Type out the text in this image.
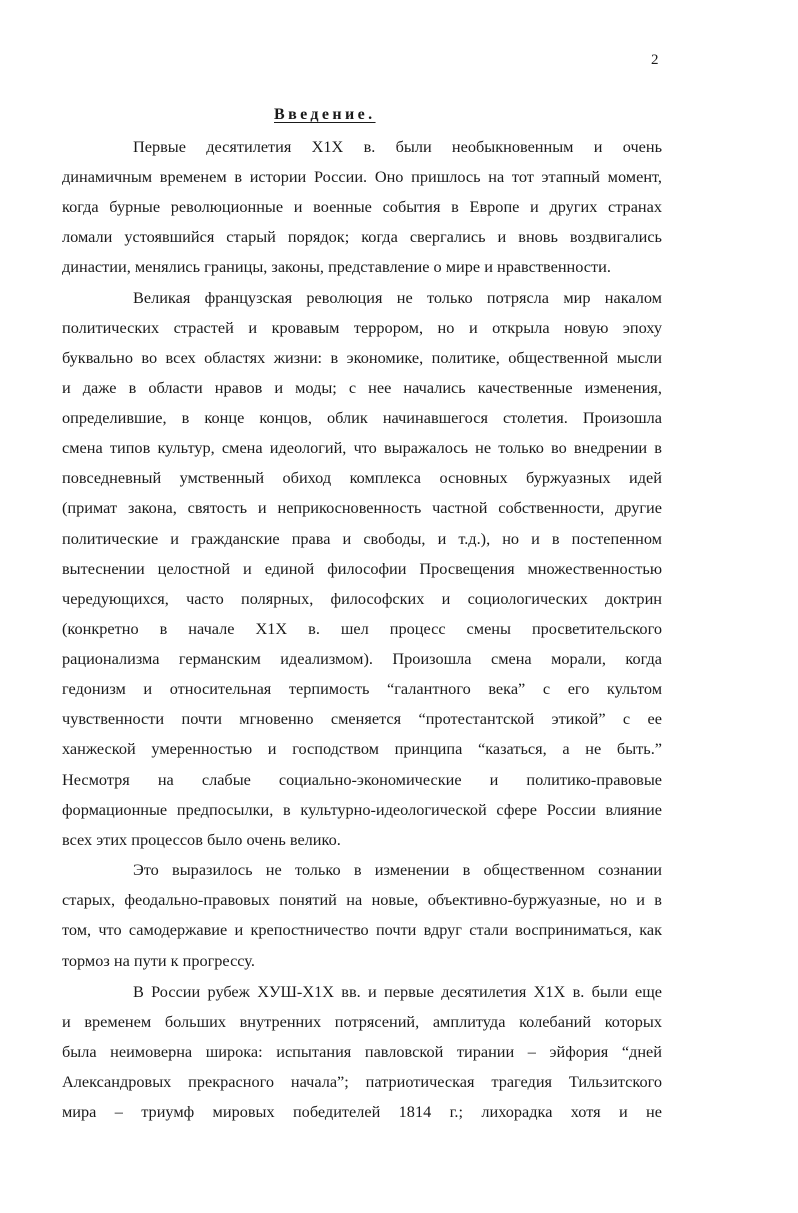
2
Введение.
Первые десятилетия Х1Х в. были необыкновенным и очень
динамичным временем в истории России. Оно пришлось на тот этапный момент,
когда бурные революционные и военные события в Европе и других странах
ломали устоявшийся старый порядок; когда свергались и вновь воздвигались
династии, менялись границы, законы, представление о мире и нравственности.
Великая французская революция не только потрясла мир накалом
политических страстей и кровавым террором, но и открыла новую эпоху
буквально во всех областях жизни: в экономике, политике, общественной мысли
и даже в области нравов и моды; с нее начались качественные изменения,
определившие, в конце концов, облик начинавшегося столетия. Произошла
смена типов культур, смена идеологий, что выражалось не только во внедрении в
повседневный умственный обиход комплекса основных буржуазных идей
(примат закона, святость и неприкосновенность частной собственности, другие
политические и гражданские права и свободы, и т.д.), но и в постепенном
вытеснении целостной и единой философии Просвещения множественностью
чередующихся, часто полярных, философских и социологических доктрин
(конкретно в начале Х1Х в. шел процесс смены просветительского
рационализма германским идеализмом). Произошла смена морали, когда
гедонизм и относительная терпимость “галантного века” с его культом
чувственности почти мгновенно сменяется “протестантской этикой” с ее
ханжеской умеренностью и господством принципа “казаться, а не быть.”
Несмотря на слабые социально-экономические и политико-правовые
формационные предпосылки, в культурно-идеологической сфере России влияние
всех этих процессов было очень велико.
Это выразилось не только в изменении в общественном сознании
старых, феодально-правовых понятий на новые, объективно-буржуазные, но и в
том, что самодержавие и крепостничество почти вдруг стали восприниматься, как
тормоз на пути к прогрессу.
В России рубеж ХУШ-Х1Х вв. и первые десятилетия Х1Х в. были еще
и временем больших внутренних потрясений, амплитуда колебаний которых
была неимоверна широка: испытания павловской тирании – эйфория “дней
Александровых прекрасного начала”; патриотическая трагедия Тильзитского
мира – триумф мировых победителей 1814 г.; лихорадка хотя и не
